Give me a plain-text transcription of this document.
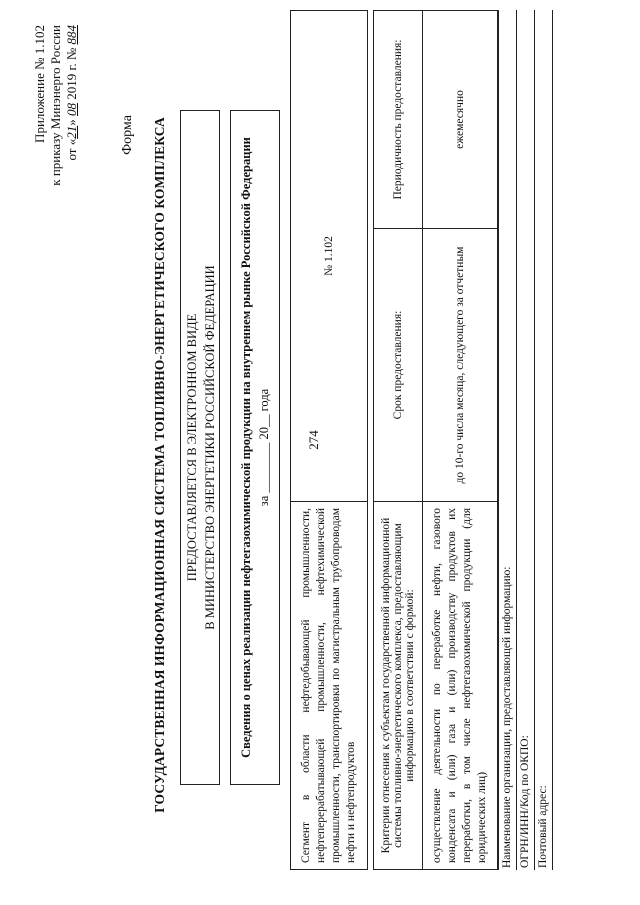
274
Приложение № 1.102 к приказу Минэнерго России от «21» 08 2019 г. № 884
Форма ГОСУДАРСТВЕННАЯ ИНФОРМАЦИОННАЯ СИСТЕМА ТОПЛИВНО-ЭНЕРГЕТИЧЕСКОГО КОМПЛЕКСА ПРЕДОСТАВЛЯЕТСЯ В ЭЛЕКТРОННОМ ВИДЕ В МИНИСТЕРСТВО ЭНЕРГЕТИКИ РОССИЙСКОЙ ФЕДЕРАЦИИ	Сведения о ценах реализации нефтегазохимической продукции на внутреннем рынке Российской Федерации за ________ 20__ года
Сегмент в области нефтедобывающей промышленности, нефтеперерабатывающей промышленности, нефтехимической промышленности, транспортировки по магистральным трубопроводам нефти и нефтепродуктов	№ 1.102
Критерии отнесения к субъектам государственной информационной системы топливно-энергетического комплекса, предоставляющим информацию в соответствии с формой:	Срок предоставления:	Периодичность предоставления:
осуществление деятельности по переработке нефти, газового конденсата и (или) газа и (или) производству продуктов их переработки, в том числе нефтегазохимической продукции (для юридических лиц)	до 10-го числа месяца, следующего за отчетным	ежемесячно
Наименование организации, предоставляющей информацию: ОГРН/ИНН/Код по ОКПО: Почтовый адрес:
